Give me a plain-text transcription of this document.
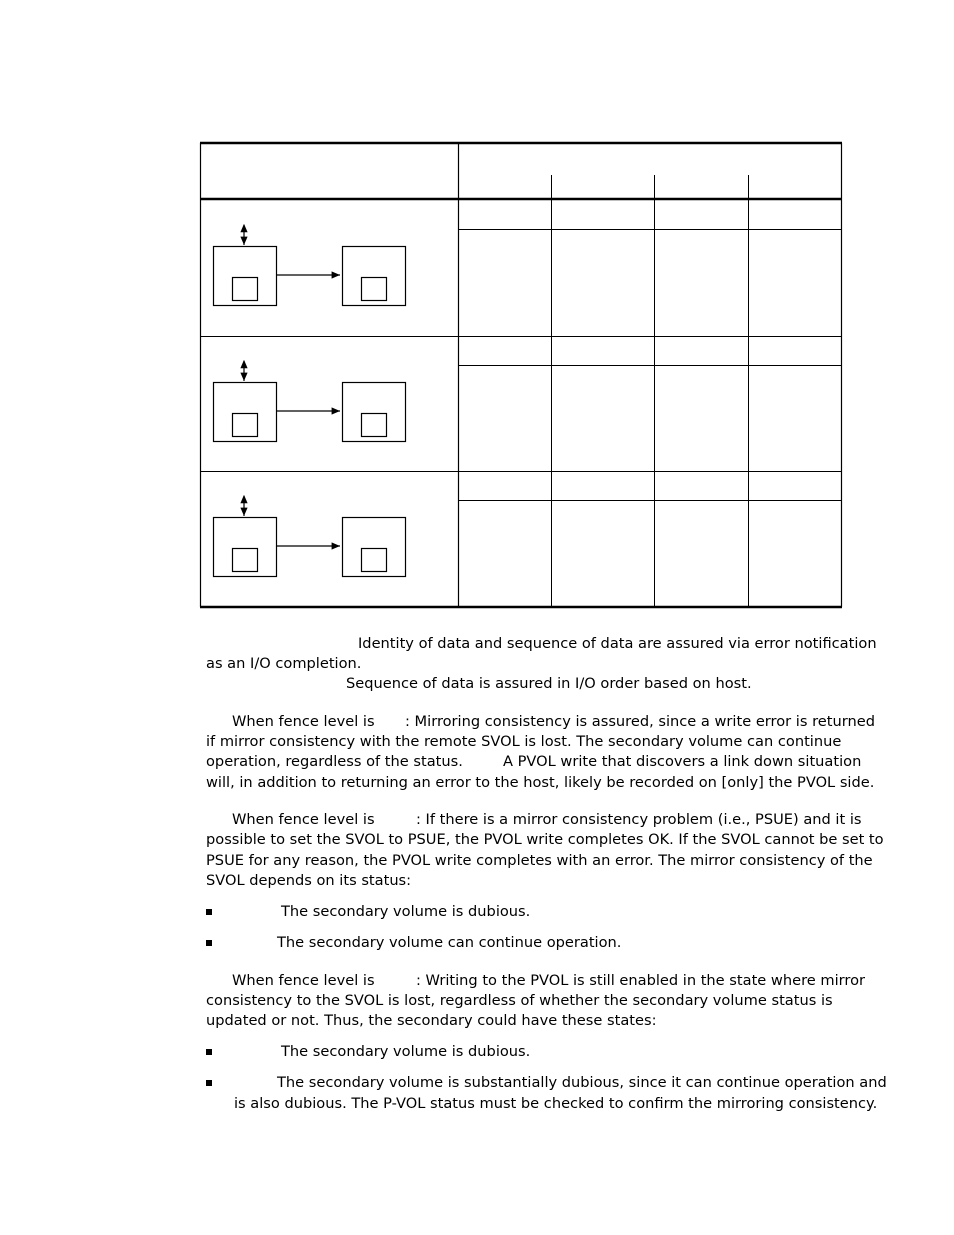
Identity of data and sequence of data are assured via error notification
as an I/O completion.
Sequence of data is assured in I/O order based on host.
When fence level is : Mirroring consistency is assured, since a write error is returned
if mirror consistency with the remote SVOL is lost. The secondary volume can continue
operation, regardless of the status.	A PVOL write that discovers a link down situation
will, in addition to returning an error to the host, likely be recorded on [only] the PVOL side.
When fence level is	: If there is a mirror consistency problem (i.e., PSUE) and it is
possible to set the SVOL to PSUE, the PVOL write completes OK. If the SVOL cannot be set to
PSUE for any reason, the PVOL write completes with an error. The mirror consistency of the
SVOL depends on its status:
The secondary volume is dubious.
The secondary volume can continue operation.
When fence level is	: Writing to the PVOL is still enabled in the state where mirror
consistency to the SVOL is lost, regardless of whether the secondary volume status is
updated or not. Thus, the secondary could have these states:
The secondary volume is dubious.
The secondary volume is substantially dubious, since it can continue operation and
is also dubious. The P-VOL status must be checked to confirm the mirroring consistency.
